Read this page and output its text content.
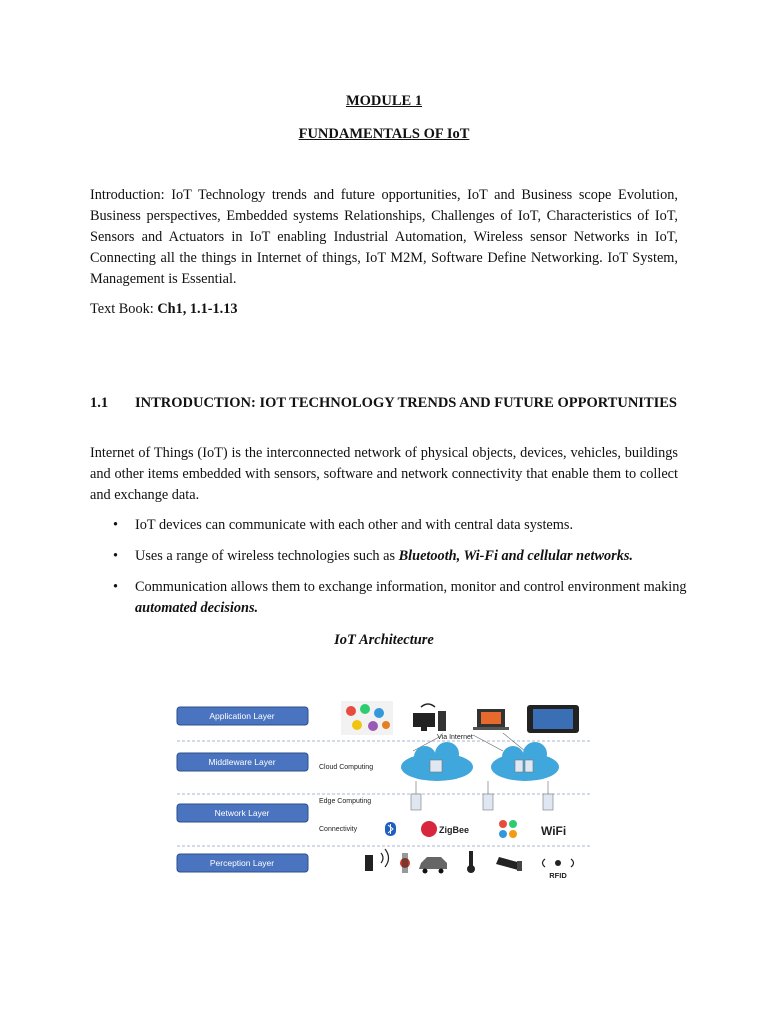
MODULE 1
FUNDAMENTALS OF IoT
Introduction: IoT Technology trends and future opportunities, IoT and Business scope Evolution, Business perspectives, Embedded systems Relationships, Challenges of IoT, Characteristics of IoT, Sensors and Actuators in IoT enabling Industrial Automation, Wireless sensor Networks in IoT, Connecting all the things in Internet of things, IoT M2M, Software Define Networking. IoT System, Management is Essential.
Text Book: Ch1, 1.1-1.13
1.1 INTRODUCTION: IOT TECHNOLOGY TRENDS AND FUTURE OPPORTUNITIES
Internet of Things (IoT) is the interconnected network of physical objects, devices, vehicles, buildings and other items embedded with sensors, software and network connectivity that enable them to collect and exchange data.
• IoT devices can communicate with each other and with central data systems.
• Uses a range of wireless technologies such as Bluetooth, Wi-Fi and cellular networks.
• Communication allows them to exchange information, monitor and control environment making automated decisions.
IoT Architecture
Application Layer
Middleware Layer
Network Layer
Perception Layer
Via Internet
Cloud Computing
Edge Computing
Connectivity	ZigBee	WiFi
RFID
